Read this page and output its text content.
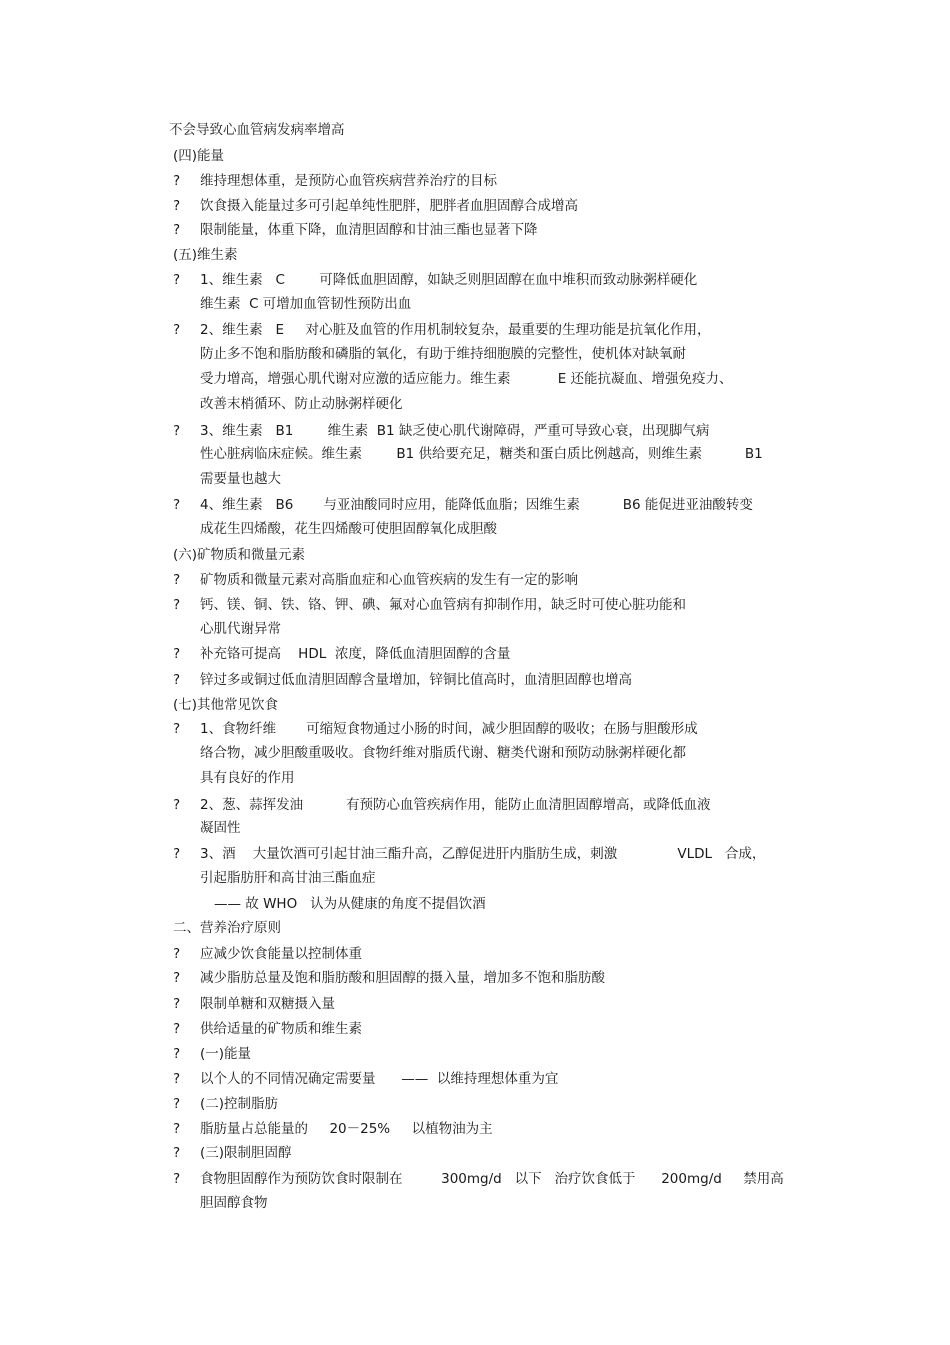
不会导致心血管病发病率增高
(四)能量
?	维持理想体重，是预防心血管疾病营养治疗的目标
?	饮食摄入能量过多可引起单纯性肥胖，肥胖者血胆固醇合成增高
?	限制能量，体重下降，血清胆固醇和甘油三酯也显著下降
(五)维生素
?	1、维生素   C        可降低血胆固醇，如缺乏则胆固醇在血中堆积而致动脉粥样硬化
维生素  C 可增加血管韧性预防出血
?	2、维生素   E     对心脏及血管的作用机制较复杂，最重要的生理功能是抗氧化作用，
防止多不饱和脂肪酸和磷脂的氧化，有助于维持细胞膜的完整性，使机体对缺氧耐
受力增高，增强心肌代谢对应激的适应能力。维生素           E 还能抗凝血、增强免疫力、
改善末梢循环、防止动脉粥样硬化
?	3、维生素   B1        维生素  B1 缺乏使心肌代谢障碍，严重可导致心衰，出现脚气病
性心脏病临床症候。维生素        B1 供给要充足，糖类和蛋白质比例越高，则维生素          B1
需要量也越大
?	4、维生素   B6       与亚油酸同时应用，能降低血脂；因维生素          B6 能促进亚油酸转变
成花生四烯酸，花生四烯酸可使胆固醇氧化成胆酸
(六)矿物质和微量元素
?	矿物质和微量元素对高脂血症和心血管疾病的发生有一定的影响
?	钙、镁、铜、铁、铬、钾、碘、氟对心血管病有抑制作用，缺乏时可使心脏功能和
心肌代谢异常
?	补充铬可提高    HDL  浓度，降低血清胆固醇的含量
?	锌过多或铜过低血清胆固醇含量增加，锌铜比值高时，血清胆固醇也增高
(七)其他常见饮食
?	1、食物纤维       可缩短食物通过小肠的时间，减少胆固醇的吸收；在肠与胆酸形成
络合物，减少胆酸重吸收。食物纤维对脂质代谢、糖类代谢和预防动脉粥样硬化都
具有良好的作用
?	2、葱、蒜挥发油          有预防心血管疾病作用，能防止血清胆固醇增高，或降低血液
凝固性
?	3、酒    大量饮酒可引起甘油三酯升高，乙醇促进肝内脂肪生成，刺激              VLDL   合成，
引起脂肪肝和高甘油三酯血症
—— 故 WHO   认为从健康的角度不提倡饮酒
二、营养治疗原则
?	应减少饮食能量以控制体重
?	减少脂肪总量及饱和脂肪酸和胆固醇的摄入量，增加多不饱和脂肪酸
?	限制单糖和双糖摄入量
?	供给适量的矿物质和维生素
?	(一)能量
?	以个人的不同情况确定需要量      ——  以维持理想体重为宜
?	(二)控制脂肪
?	脂肪量占总能量的     20－25%     以植物油为主
?	(三)限制胆固醇
?	食物胆固醇作为预防饮食时限制在         300mg/d   以下   治疗饮食低于      200mg/d     禁用高
胆固醇食物
